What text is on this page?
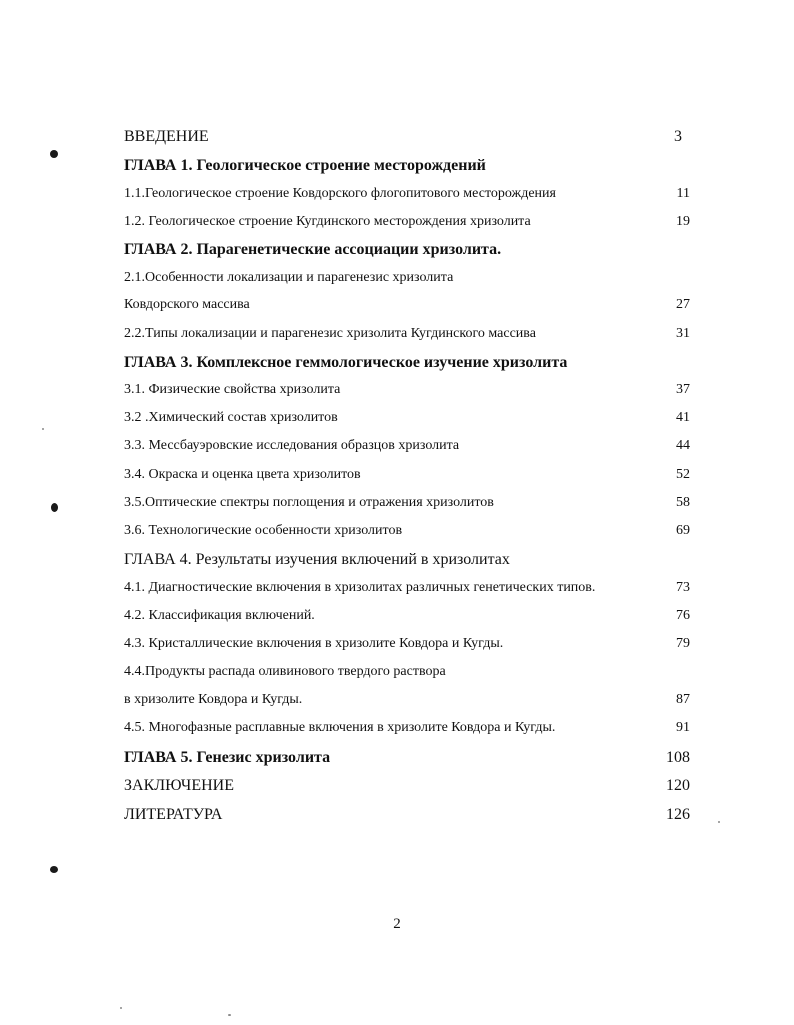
ВВЕДЕНИЕ	3
ГЛАВА 1. Геологическое строение месторождений
1.1.Геологическое строение Ковдорского флогопитового месторождения	11
1.2. Геологическое строение Кугдинского месторождения хризолита	19
ГЛАВА 2. Парагенетические ассоциации хризолита.
2.1.Особенности локализации и парагенезис хризолита
Ковдорского массива	27
2.2.Типы локализации и парагенезис хризолита Кугдинского массива	31
ГЛАВА 3. Комплексное геммологическое изучение хризолита
3.1. Физические свойства хризолита	37
3.2 .Химический состав хризолитов	41
3.3. Мессбауэровские исследования образцов хризолита	44
3.4. Окраска и оценка цвета хризолитов	52
3.5.Оптические спектры поглощения и отражения хризолитов	58
3.6. Технологические особенности хризолитов	69
ГЛАВА 4. Результаты изучения включений в хризолитах
4.1. Диагностические включения в хризолитах различных генетических типов.	73
4.2. Классификация включений.	76
4.3. Кристаллические включения в хризолите Ковдора и Кугды.	79
4.4.Продукты распада оливинового твердого раствора
в хризолите Ковдора и Кугды.	87
4.5. Многофазные расплавные включения в хризолите Ковдора и Кугды.	91
ГЛАВА 5. Генезис хризолита	108
ЗАКЛЮЧЕНИЕ	120
ЛИТЕРАТУРА	126
2
